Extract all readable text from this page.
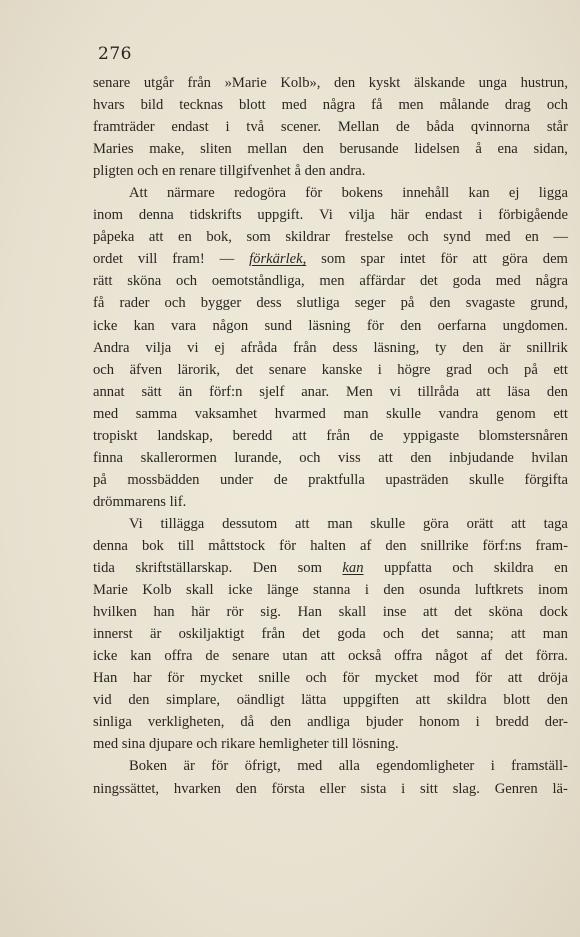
276
senare utgår från »Marie Kolb», den kyskt älskande unga hustrun,
hvars bild tecknas blott med några få men målande drag och
framträder endast i två scener. Mellan de båda qvinnorna står
Maries make, sliten mellan den berusande lidelsen å ena sidan,
pligten
och
en
renare
tillgifvenhet
å
den
andra.
Att närmare redogöra för bokens innehåll kan ej ligga
inom denna tidskrifts uppgift. Vi vilja här endast i förbigående
påpeka att en bok, som skildrar frestelse och synd med en —
ordet vill fram! — förkärlek, som spar intet för att göra dem
rätt sköna och oemotståndliga, men affärdar det goda med några
få rader och bygger dess slutliga seger på den svagaste grund,
icke kan vara någon sund läsning för den oerfarna ungdomen.
Andra vilja vi ej afråda från dess läsning, ty den är snillrik
och äfven lärorik, det senare kanske i högre grad och på ett
annat sätt än förf:n sjelf anar. Men vi tillråda att läsa den
med samma vaksamhet hvarmed man skulle vandra genom ett
tropiskt landskap, beredd att från de yppigaste blomstersnåren
finna skallerormen lurande, och viss att den inbjudande hvilan
på mossbädden under de praktfulla upasträden skulle förgifta
drömmarens
lif.
Vi tillägga dessutom att man skulle göra orätt att taga
denna bok till måttstock för halten af den snillrike förf:ns fram-
tida skriftställarskap. Den som kan uppfatta och skildra en
Marie Kolb skall icke länge stanna i den osunda luftkrets inom
hvilken han här rör sig. Han skall inse att det sköna dock
innerst är oskiljaktigt från det goda och det sanna; att man
icke kan offra de senare utan att också offra något af det förra.
Han har för mycket snille och för mycket mod för att dröja
vid den simplare, oändligt lätta uppgiften att skildra blott den
sinliga verkligheten, då den andliga bjuder honom i bredd der-
med
sina
djupare
och
rikare
hemligheter
till
lösning.
Boken är för öfrigt, med alla egendomligheter i framställ-
ningssättet, hvarken den första eller sista i sitt slag. Genren lä-
